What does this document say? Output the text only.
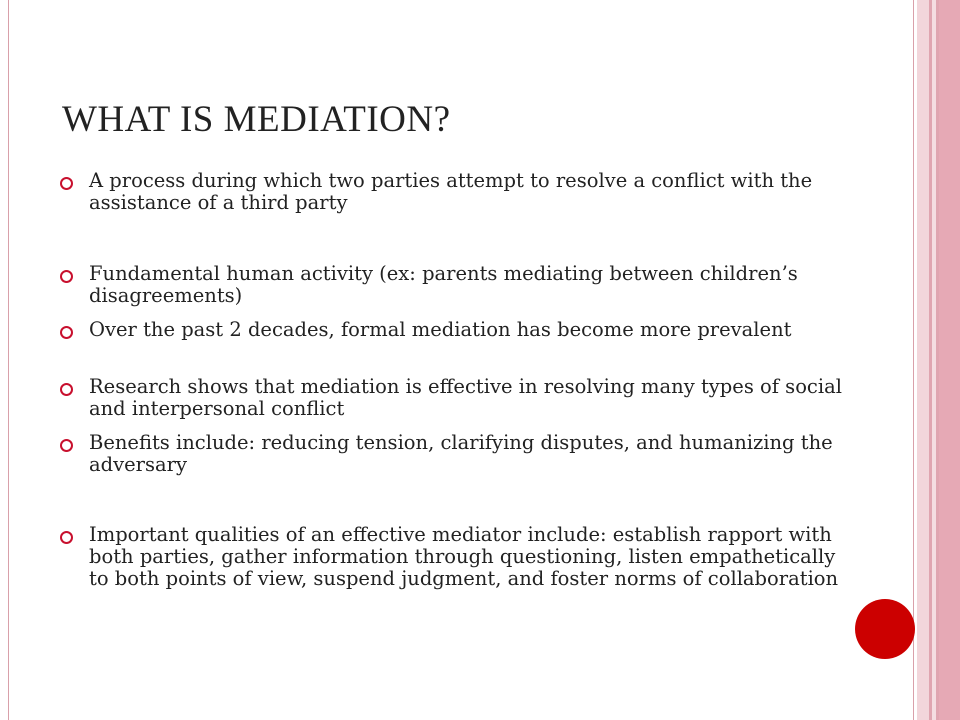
WHAT IS MEDIATION?
A process during which two parties attempt to resolve a conflict with the assistance of a third party
Fundamental human activity (ex: parents mediating between children’s disagreements)
Over the past 2 decades, formal mediation has become more prevalent
Research shows that mediation is effective in resolving many types of social and interpersonal conflict
Benefits include: reducing tension, clarifying disputes, and humanizing the adversary
Important qualities of an effective mediator include: establish rapport with both parties, gather information through questioning, listen empathetically to both points of view, suspend judgment, and foster norms of collaboration
